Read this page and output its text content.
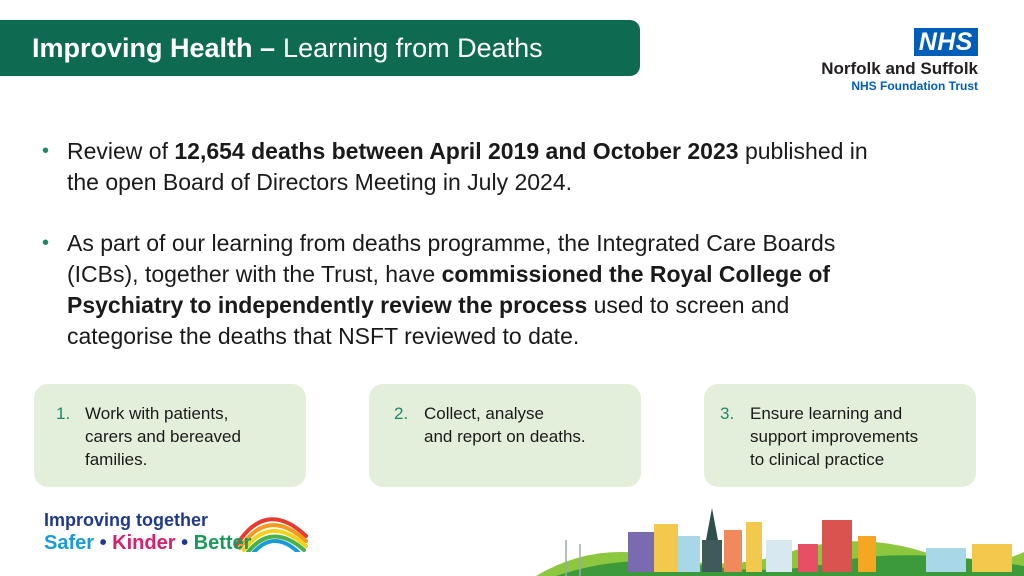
Improving Health – Learning from Deaths	NHS
Norfolk and Suffolk
NHS Foundation Trust

• Review of 12,654 deaths between April 2019 and October 2023 published in the open Board of Directors Meeting in July 2024.

• As part of our learning from deaths programme, the Integrated Care Boards (ICBs), together with the Trust, have commissioned the Royal College of Psychiatry to independently review the process used to screen and categorise the deaths that NSFT reviewed to date.

1. Work with patients,
carers and bereaved
families.
2. Collect, analyse
and report on deaths.
3. Ensure learning and
support improvements
to clinical practice
Improving together
Safer • Kinder • Better
